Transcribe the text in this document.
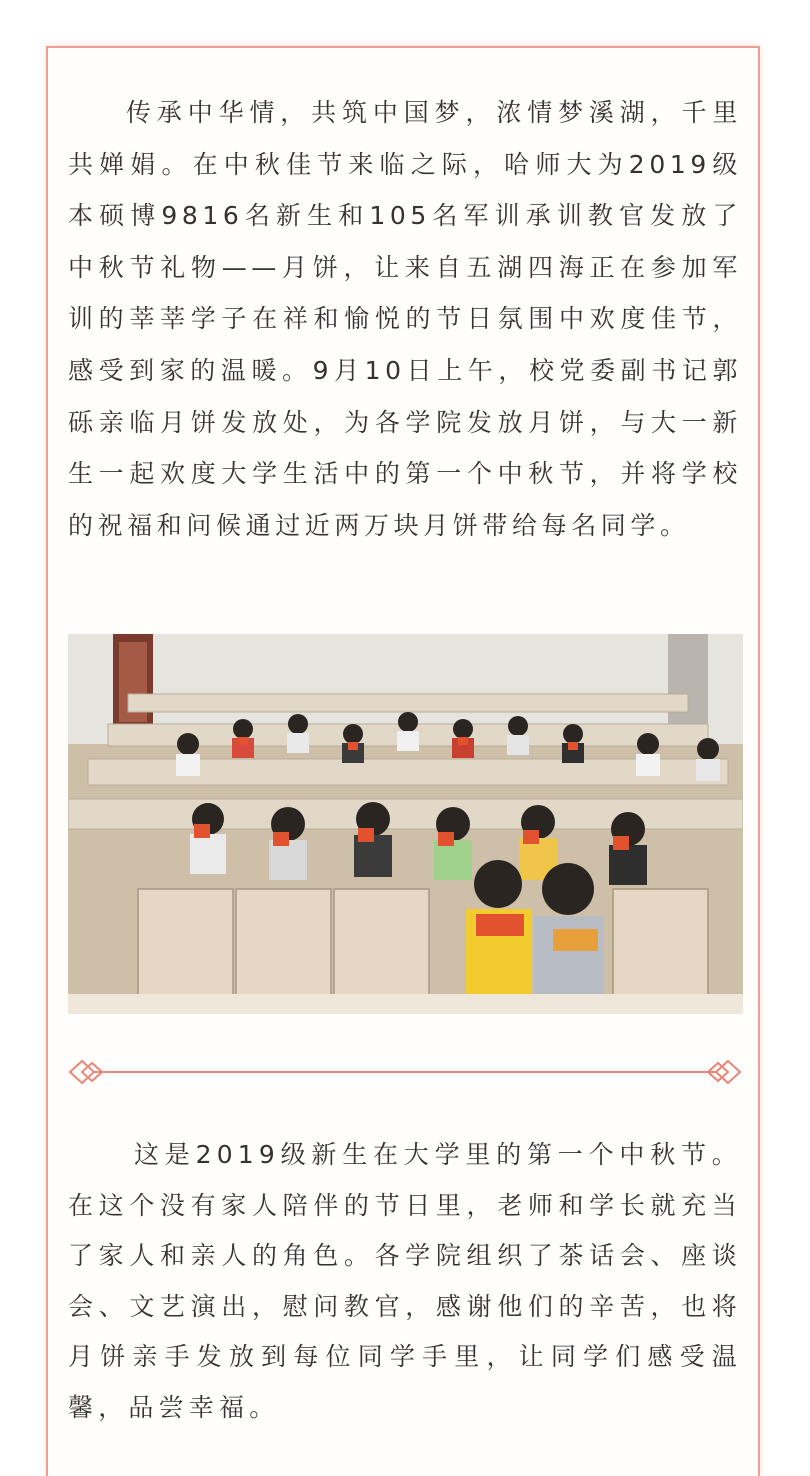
传承中华情，共筑中国梦，浓情梦溪湖，千里共婵娟。在中秋佳节来临之际，哈师大为2019级本硕博9816名新生和105名军训承训教官发放了中秋节礼物——月饼，让来自五湖四海正在参加军训的莘莘学子在祥和愉悦的节日氛围中欢度佳节，感受到家的温暖。9月10日上午，校党委副书记郭砾亲临月饼发放处，为各学院发放月饼，与大一新生一起欢度大学生活中的第一个中秋节，并将学校的祝福和问候通过近两万块月饼带给每名同学。

这是2019级新生在大学里的第一个中秋节。在这个没有家人陪伴的节日里，老师和学长就充当了家人和亲人的角色。各学院组织了茶话会、座谈会、文艺演出，慰问教官，感谢他们的辛苦，也将月饼亲手发放到每位同学手里，让同学们感受温馨，品尝幸福。
